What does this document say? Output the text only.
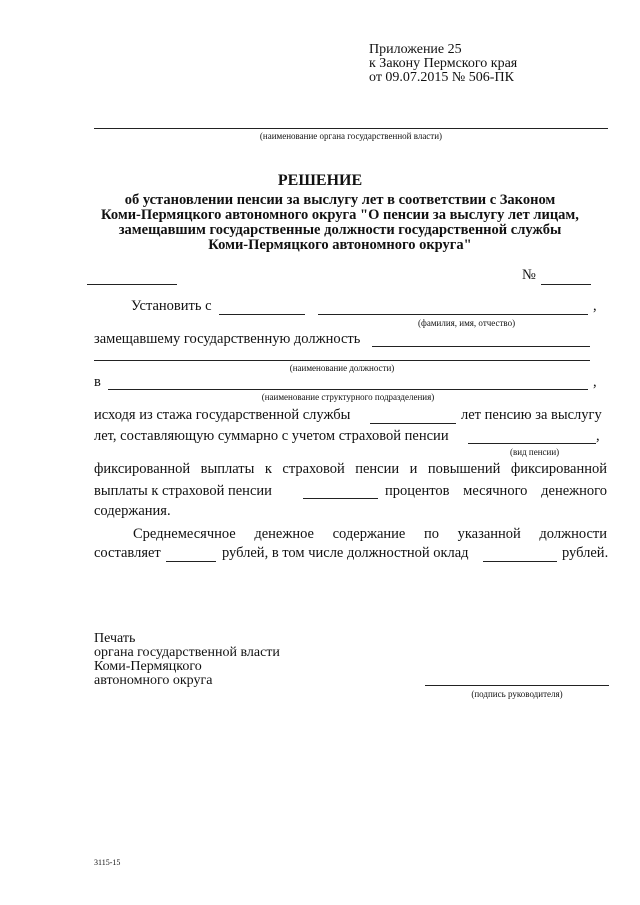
Приложение 25
к Закону Пермского края
от 09.07.2015 № 506-ПК
(наименование органа государственной власти)
РЕШЕНИЕ
об установлении пенсии за выслугу лет в соответствии с Законом
Коми-Пермяцкого автономного округа "О пенсии за выслугу лет лицам,
замещавшим государственные должности государственной службы
Коми-Пермяцкого автономного округа"
№
Установить с	,
(фамилия, имя, отчество)
замещавшему государственную должность
(наименование должности)
в	,
(наименование структурного подразделения)
исходя из стажа государственной службы	лет пенсию за выслугу
лет, составляющую суммарно с учетом страховой пенсии	,
(вид пенсии)
фиксированной выплаты к страховой пенсии и повышений фиксированной
выплаты к страховой пенсии	процентов месячного денежного
содержания.
Среднемесячное денежное содержание по указанной должности
составляет	рублей, в том числе должностной оклад	рублей.
Печать
органа государственной власти
Коми-Пермяцкого
автономного округа
(подпись руководителя)
3115-15
